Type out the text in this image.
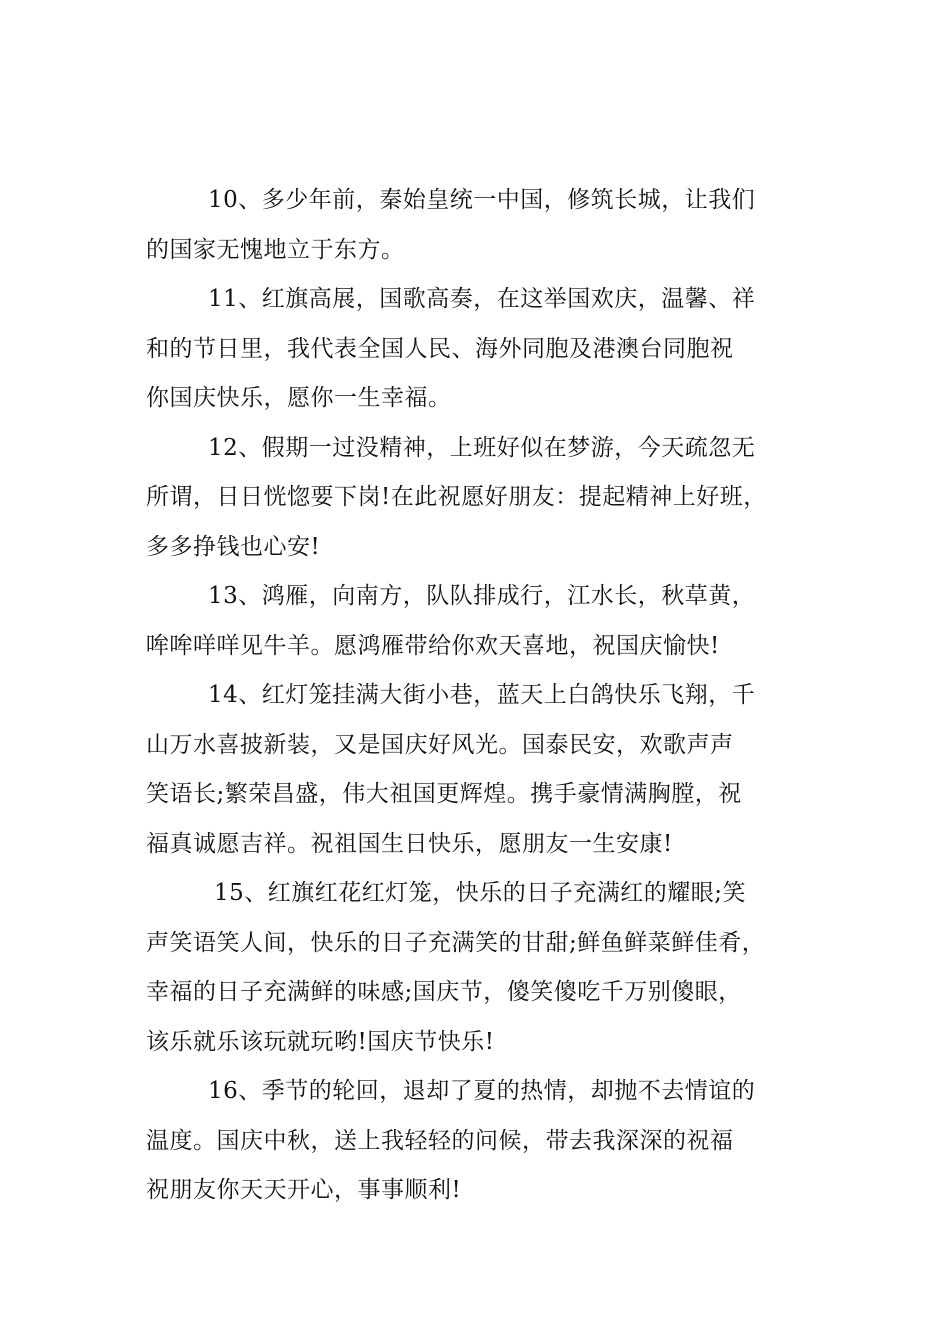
10、多少年前，秦始皇统一中国，修筑长城，让我们
的国家无愧地立于东方。
11、红旗高展，国歌高奏，在这举国欢庆，温馨、祥
和的节日里，我代表全国人民、海外同胞及港澳台同胞祝
你国庆快乐，愿你一生幸福。
12、假期一过没精神，上班好似在梦游，今天疏忽无
所谓，日日恍惚要下岗!在此祝愿好朋友：提起精神上好班，
多多挣钱也心安!
13、鸿雁，向南方，队队排成行，江水长，秋草黄，
哞哞咩咩见牛羊。愿鸿雁带给你欢天喜地，祝国庆愉快!
14、红灯笼挂满大街小巷，蓝天上白鸽快乐飞翔，千
山万水喜披新装，又是国庆好风光。国泰民安，欢歌声声
笑语长;繁荣昌盛，伟大祖国更辉煌。携手豪情满胸膛，祝
福真诚愿吉祥。祝祖国生日快乐，愿朋友一生安康!
15、红旗红花红灯笼，快乐的日子充满红的耀眼;笑
声笑语笑人间，快乐的日子充满笑的甘甜;鲜鱼鲜菜鲜佳肴，
幸福的日子充满鲜的味感;国庆节，傻笑傻吃千万别傻眼，
该乐就乐该玩就玩哟!国庆节快乐!
16、季节的轮回，退却了夏的热情，却抛不去情谊的
温度。国庆中秋，送上我轻轻的问候，带去我深深的祝福
祝朋友你天天开心，事事顺利!
